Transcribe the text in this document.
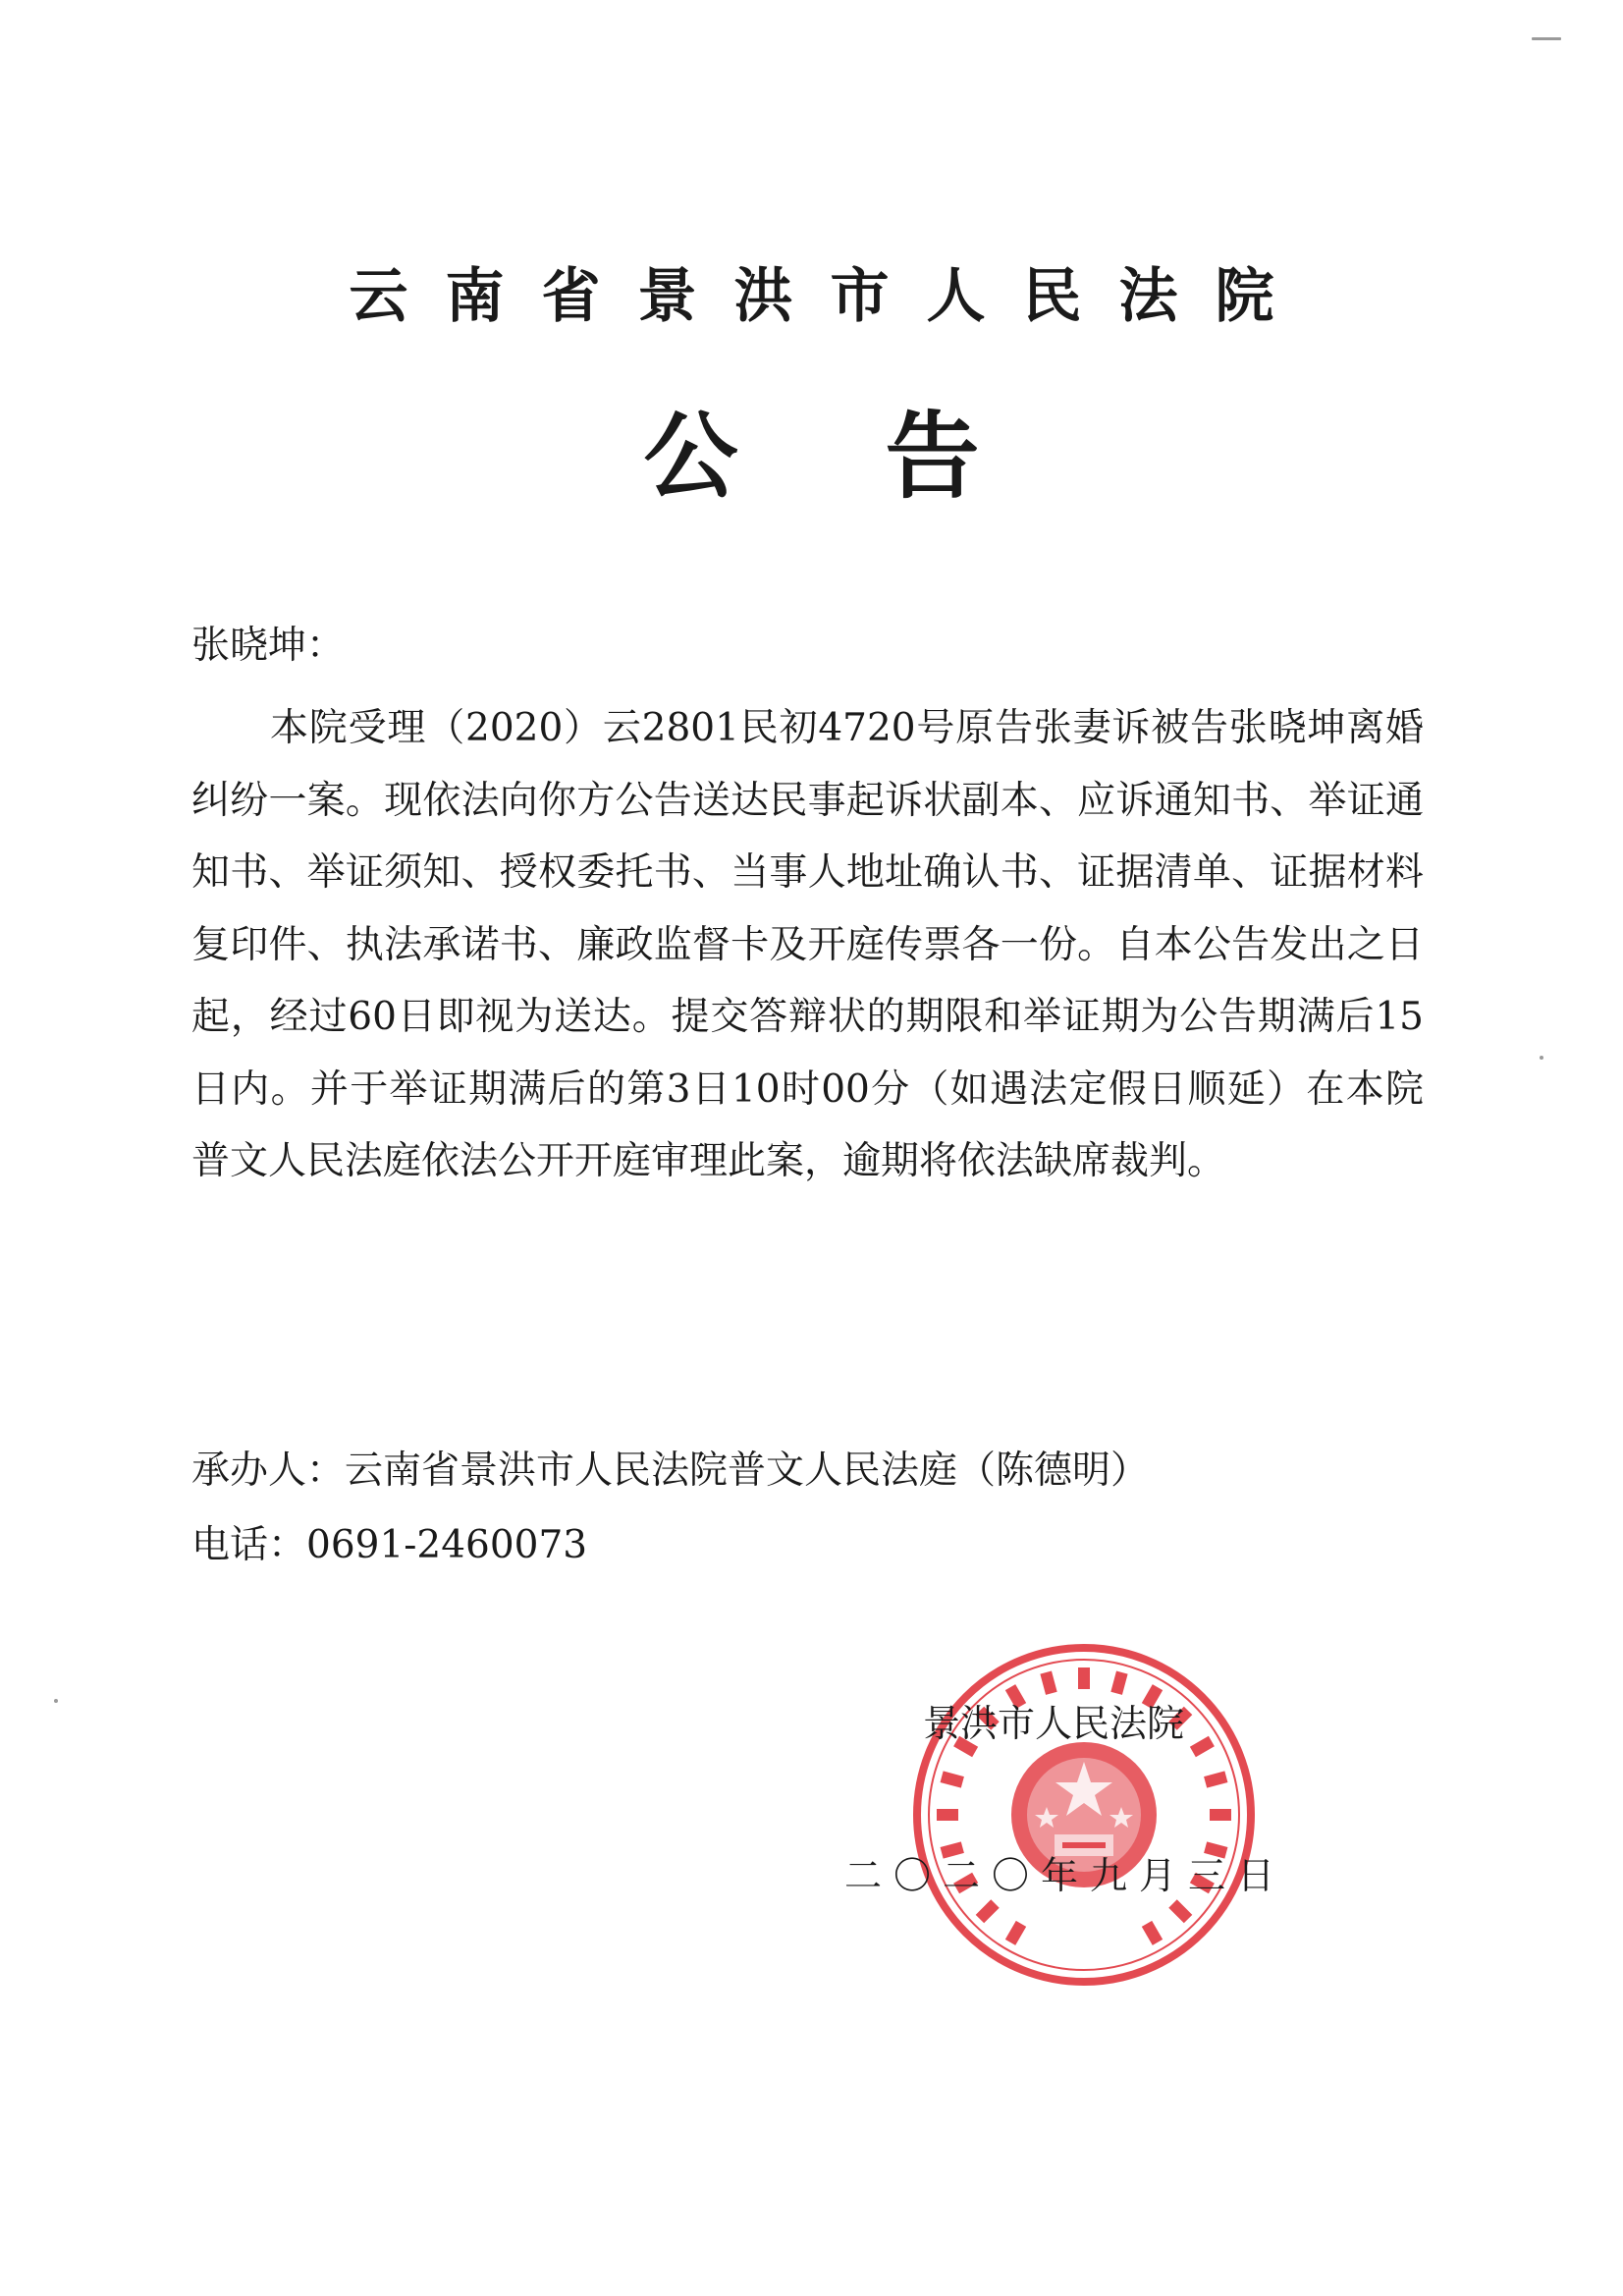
云南省景洪市人民法院
公告
张晓坤：
本院受理（2020）云2801民初4720号原告张妻诉被告张晓坤离婚纠纷一案。现依法向你方公告送达民事起诉状副本、应诉通知书、举证通知书、举证须知、授权委托书、当事人地址确认书、证据清单、证据材料复印件、执法承诺书、廉政监督卡及开庭传票各一份。自本公告发出之日起，经过60日即视为送达。提交答辩状的期限和举证期为公告期满后15日内。并于举证期满后的第3日10时00分（如遇法定假日顺延）在本院普文人民法庭依法公开开庭审理此案，逾期将依法缺席裁判。
承办人：云南省景洪市人民法院普文人民法庭（陈德明）
电话：0691-2460073
景洪市人民法院
二〇二〇年九月三日
